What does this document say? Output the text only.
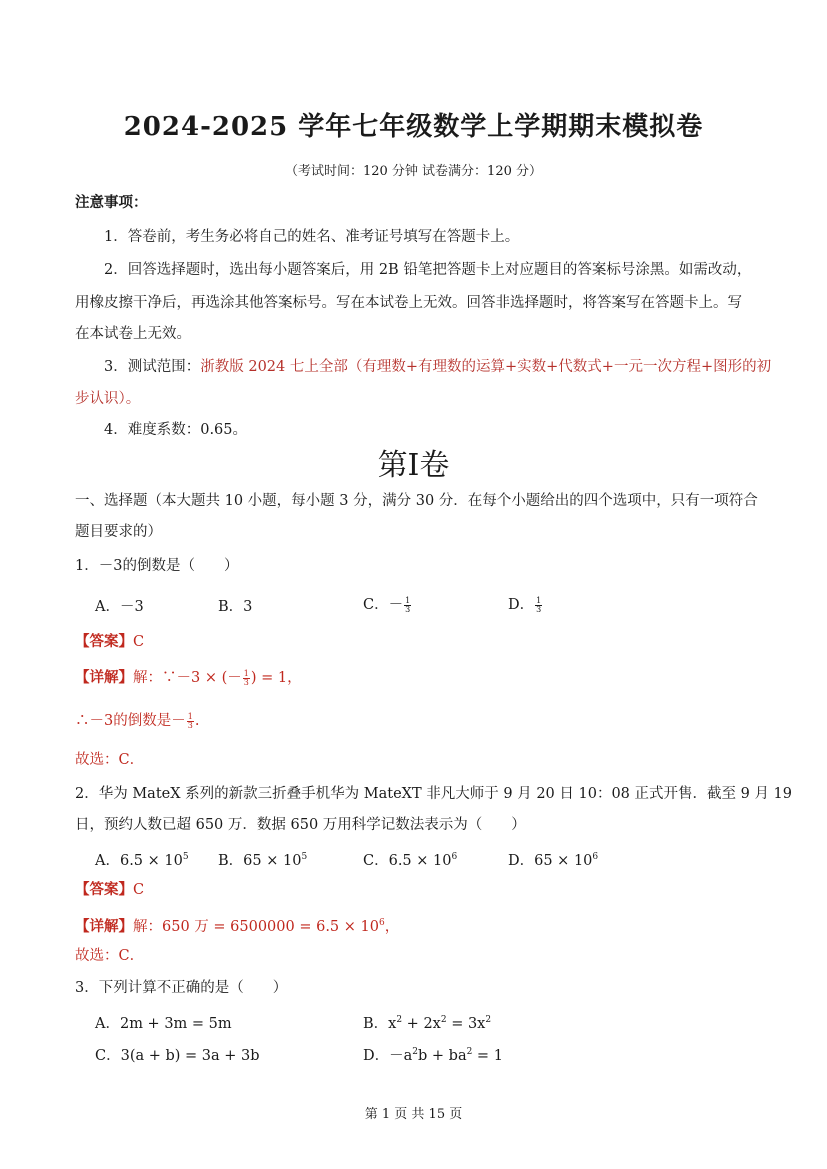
2024-2025 学年七年级数学上学期期末模拟卷
（考试时间：120 分钟 试卷满分：120 分）
注意事项：
1．答卷前，考生务必将自己的姓名、准考证号填写在答题卡上。
2．回答选择题时，选出每小题答案后，用 2B 铅笔把答题卡上对应题目的答案标号涂黑。如需改动，
用橡皮擦干净后，再选涂其他答案标号。写在本试卷上无效。回答非选择题时，将答案写在答题卡上。写
在本试卷上无效。
3．测试范围：浙教版 2024 七上全部（有理数+有理数的运算+实数+代数式+一元一次方程+图形的初
步认识）。
4．难度系数：0.65。
第I卷
一、选择题（本大题共 10 小题，每小题 3 分，满分 30 分．在每个小题给出的四个选项中，只有一项符合
题目要求的）
1．－3的倒数是（　　）
A．－3	B．3	C．－ $\frac{1}{3}$	D． $\frac{1}{3}$
【答案】C
【详解】解：∵－3 × (－ $\frac{1}{3}$ ) = 1，
∴－3的倒数是－ $\frac{1}{3}$ .
故选：C．
2．华为 MateX 系列的新款三折叠手机华为 MateXT 非凡大师于 9 月 20 日 10：08 正式开售．截至 9 月 19
日，预约人数已超 650 万．数据 650 万用科学记数法表示为（　　）
A．$6.5 \times 10^5$ B．$65 \times 10^5$	C．$6.5 \times 10^6$	D．$65 \times 10^6$
【答案】C
【详解】解：650 万 = $6500000 = 6.5 \times 10^6$，
故选：C．
3．下列计算不正确的是（　　）
A．2m + 3m = 5m	B．$x^2 + 2x^2 = 3x^2$
C．3(a + b) = 3a + 3b	D．$-a^2b + ba^2 = 1$
第 1 页 共 15 页
